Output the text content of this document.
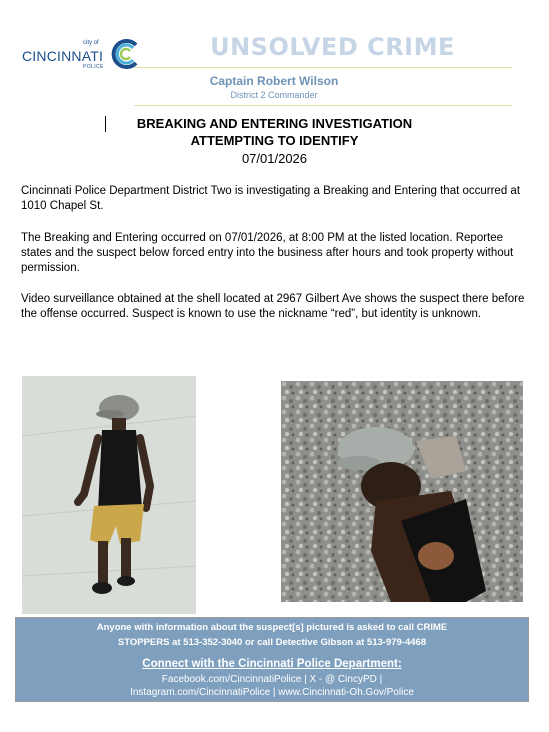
city of
CINCINNATI
POLICE
UNSOLVED CRIME
Captain Robert Wilson
District 2 Commander
BREAKING AND ENTERING INVESTIGATION
ATTEMPTING TO IDENTIFY
07/01/2026

Cincinnati Police Department District Two is investigating a Breaking and Entering that occurred at 1010 Chapel St.

The Breaking and Entering occurred on 07/01/2026, at 8:00 PM at the listed location. Reportee states and the suspect below forced entry into the business after hours and took property without permission.

Video surveillance obtained at the shell located at 2967 Gilbert Ave shows the suspect there before the offense occurred. Suspect is known to use the nickname “red”, but identity is unknown.

Anyone with information about the suspect[s] pictured is asked to call CRIME
STOPPERS at 513-352-3040 or call Detective Gibson at 513-979-4468
Connect with the Cincinnati Police Department:
Facebook.com/CincinnatiPolice | X - @ CincyPD |
Instagram.com/CincinnatiPolice | www.Cincinnati-Oh.Gov/Police
